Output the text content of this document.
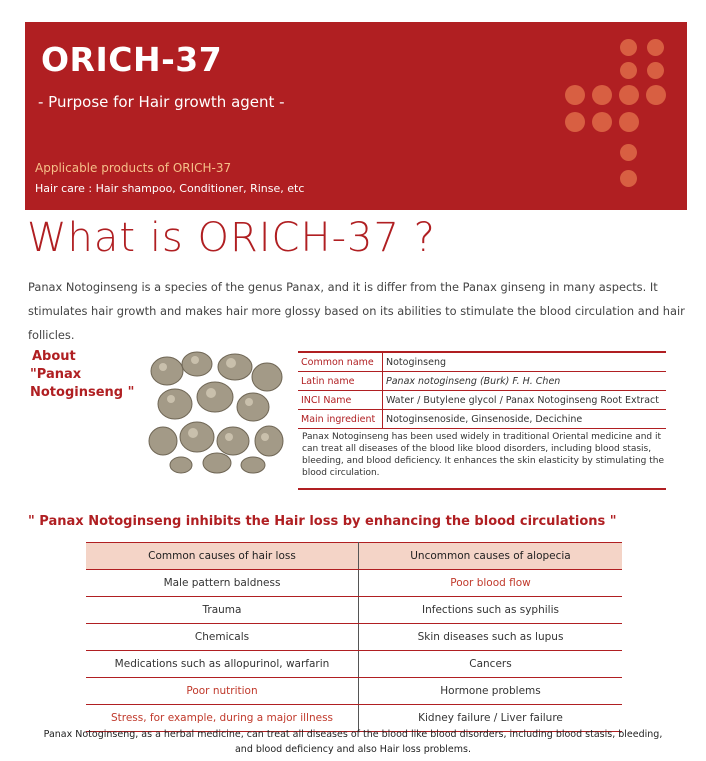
ORICH-37
- Purpose for Hair growth agent -
Applicable products of ORICH-37
Hair care : Hair shampoo, Conditioner, Rinse, etc
What is ORICH-37 ?
Panax Notoginseng is a species of the genus Panax, and it is differ from the Panax ginseng in many aspects. It stimulates hair growth and makes hair more glossy based on its abilities to stimulate the blood circulation and hair follicles.
About
"Panax
Notoginseng "
Common name	Notoginseng
Latin name	Panax notoginseng (Burk) F. H. Chen
INCI Name	Water / Butylene glycol / Panax Notoginseng Root Extract
Main ingredient	Notoginsenoside, Ginsenoside, Decichine
Panax Notoginseng has been used widely in traditional Oriental medicine and it can treat all diseases of the blood like blood disorders, including blood stasis, bleeding, and blood deficiency. It enhances the skin elasticity by stimulating the blood circulation.
" Panax Notoginseng inhibits the Hair loss by enhancing the blood circulations "
Common causes of hair loss	Uncommon causes of alopecia
Male pattern baldness	Poor blood flow
Trauma	Infections such as syphilis
Chemicals	Skin diseases such as lupus
Medications such as allopurinol, warfarin	Cancers
Poor nutrition	Hormone problems
Stress, for example, during a major illness	Kidney failure / Liver failure
Panax Notoginseng, as a herbal medicine, can treat all diseases of the blood like blood disorders, including blood stasis, bleeding, and blood deficiency and also Hair loss problems.
